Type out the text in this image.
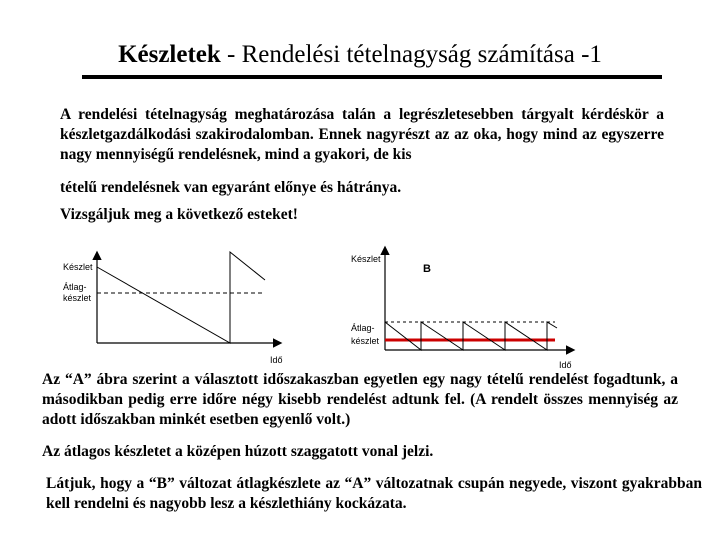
Készletek - Rendelési tételnagyság számítása -1
A rendelési tételnagyság meghatározása talán a legrészletesebben tárgyalt kérdéskör a készletgazdálkodási szakirodalomban. Ennek nagyrészt az az oka, hogy mind az egyszerre nagy mennyiségű rendelésnek, mind a gyakori, de kis
tételű rendelésnek van egyaránt előnye és hátránya.
Vizsgáljuk meg a következő esteket!
Készlet
Átlag-
készlet
Idő
Készlet
B
Átlag-
készlet
Idő
Az “A” ábra szerint a választott időszakaszban egyetlen egy nagy tételű rendelést fogadtunk, a másodikban pedig erre időre négy kisebb rendelést adtunk fel. (A rendelt összes mennyiség az adott időszakban minkét esetben egyenlő volt.)
Az átlagos készletet a középen húzott szaggatott vonal jelzi.
Látjuk, hogy a “B” változat átlagkészlete az “A” változatnak csupán negyede, viszont gyakrabban kell rendelni és nagyobb lesz a készlethiány kockázata.
